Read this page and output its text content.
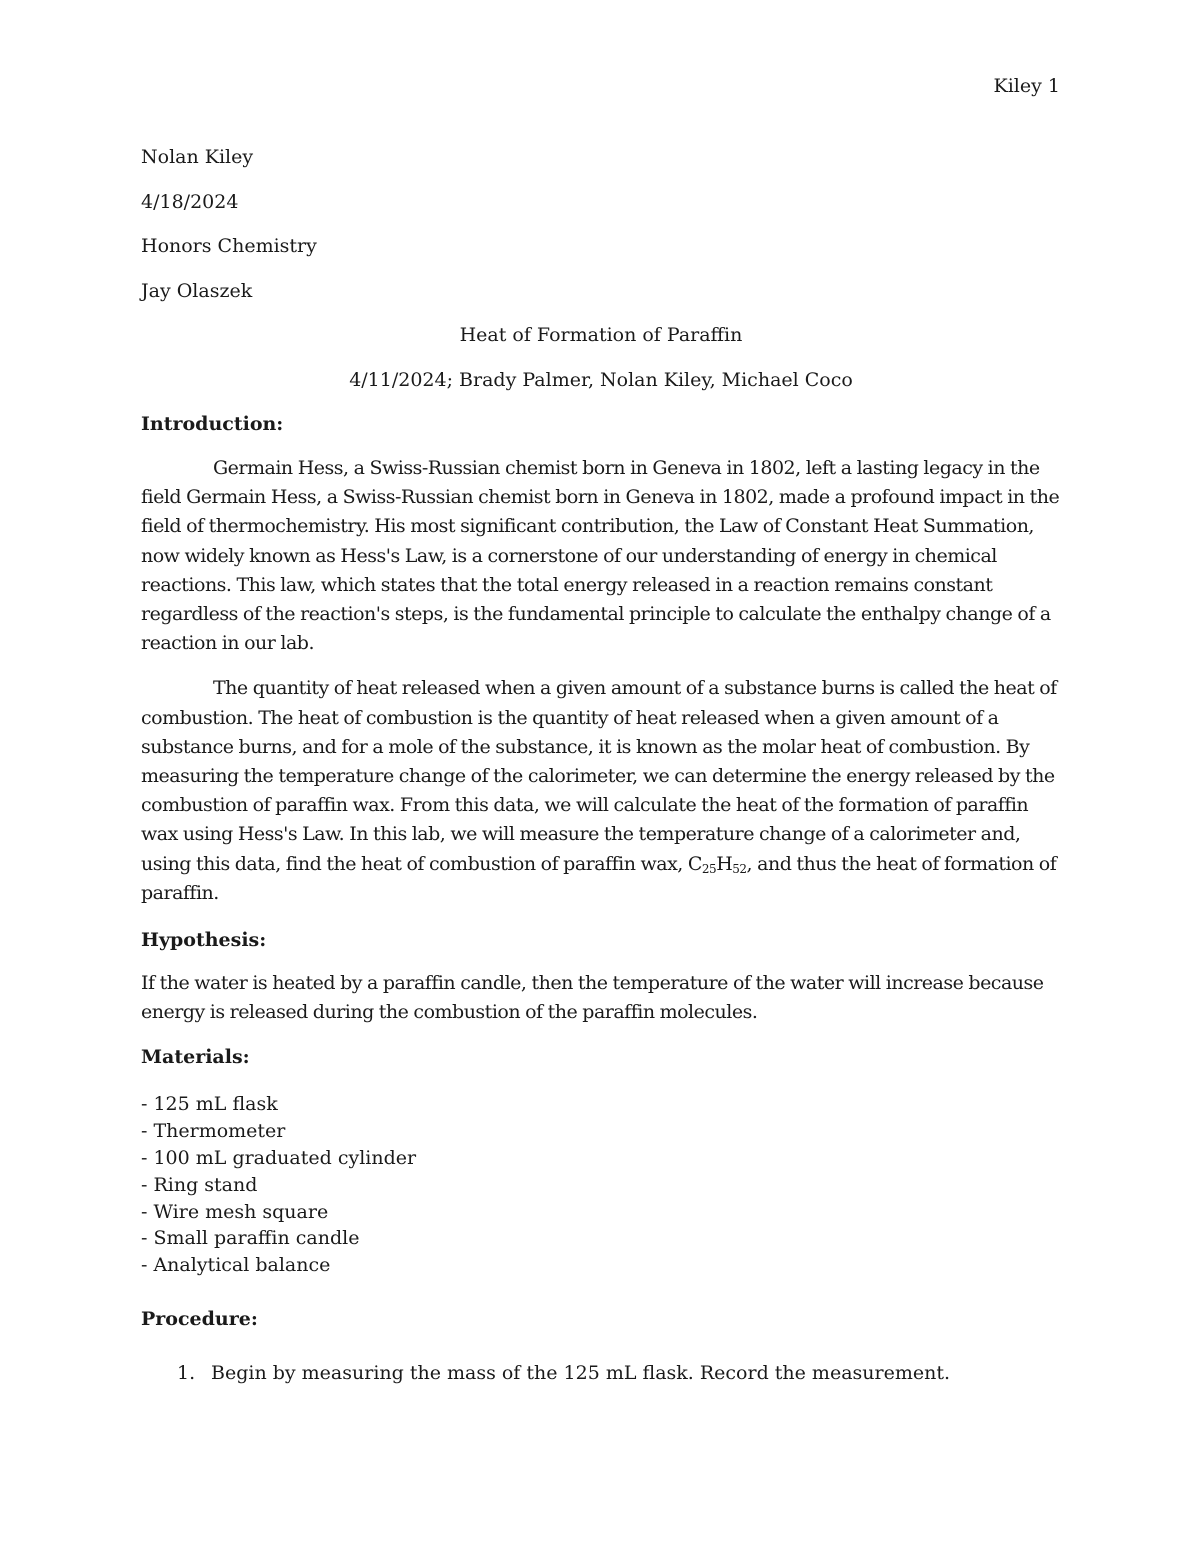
Kiley 1

Nolan Kiley

4/18/2024

Honors Chemistry

Jay Olaszek

Heat of Formation of Paraffin

4/11/2024; Brady Palmer, Nolan Kiley, Michael Coco

Introduction:

Germain Hess, a Swiss-Russian chemist born in Geneva in 1802, left a lasting legacy in the field Germain Hess, a Swiss-Russian chemist born in Geneva in 1802, made a profound impact in the field of thermochemistry. His most significant contribution, the Law of Constant Heat Summation, now widely known as Hess's Law, is a cornerstone of our understanding of energy in chemical reactions. This law, which states that the total energy released in a reaction remains constant regardless of the reaction's steps, is the fundamental principle to calculate the enthalpy change of a reaction in our lab.

The quantity of heat released when a given amount of a substance burns is called the heat of combustion. The heat of combustion is the quantity of heat released when a given amount of a substance burns, and for a mole of the substance, it is known as the molar heat of combustion. By measuring the temperature change of the calorimeter, we can determine the energy released by the combustion of paraffin wax. From this data, we will calculate the heat of the formation of paraffin wax using Hess's Law. In this lab, we will measure the temperature change of a calorimeter and, using this data, find the heat of combustion of paraffin wax, $C_{25}H_{52}$, and thus the heat of formation of paraffin.

Hypothesis:

If the water is heated by a paraffin candle, then the temperature of the water will increase because energy is released during the combustion of the paraffin molecules.

Materials:

- 125 mL flask
- Thermometer
- 100 mL graduated cylinder
- Ring stand
- Wire mesh square
- Small paraffin candle
- Analytical balance

Procedure:

1. Begin by measuring the mass of the 125 mL flask. Record the measurement.
